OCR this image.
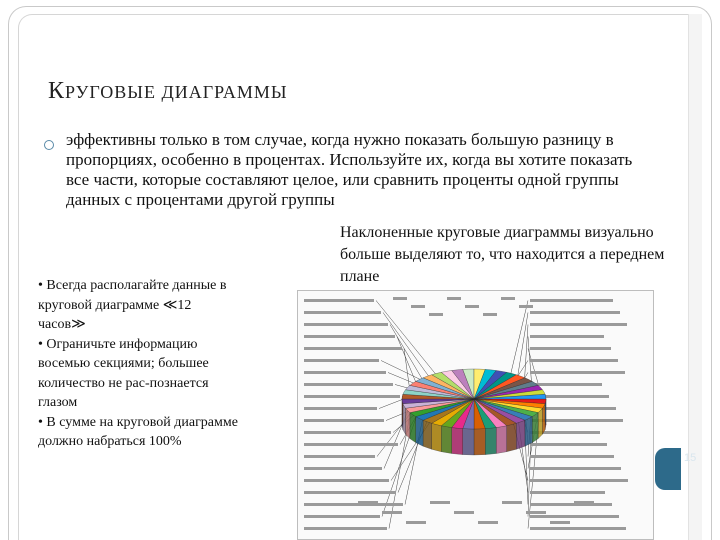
КРУГОВЫЕ ДИАГРАММЫ
эффективны только в том случае, когда нужно показать большую разницу в пропорциях, особенно в процентах. Используйте их, когда вы хотите показать все части, которые составляют целое, или сравнить проценты одной группы данных с процентами другой группы
Наклоненные круговые диаграммы визуально больше выделяют то, что находится а переднем плане

• Всегда располагайте данные в круговой диаграмме ≪12 часов≫

• Ограничьте информацию восемью секциями; большее количество не рас-познается глазом

• В сумме на круговой диаграмме должно набраться 100%

15
